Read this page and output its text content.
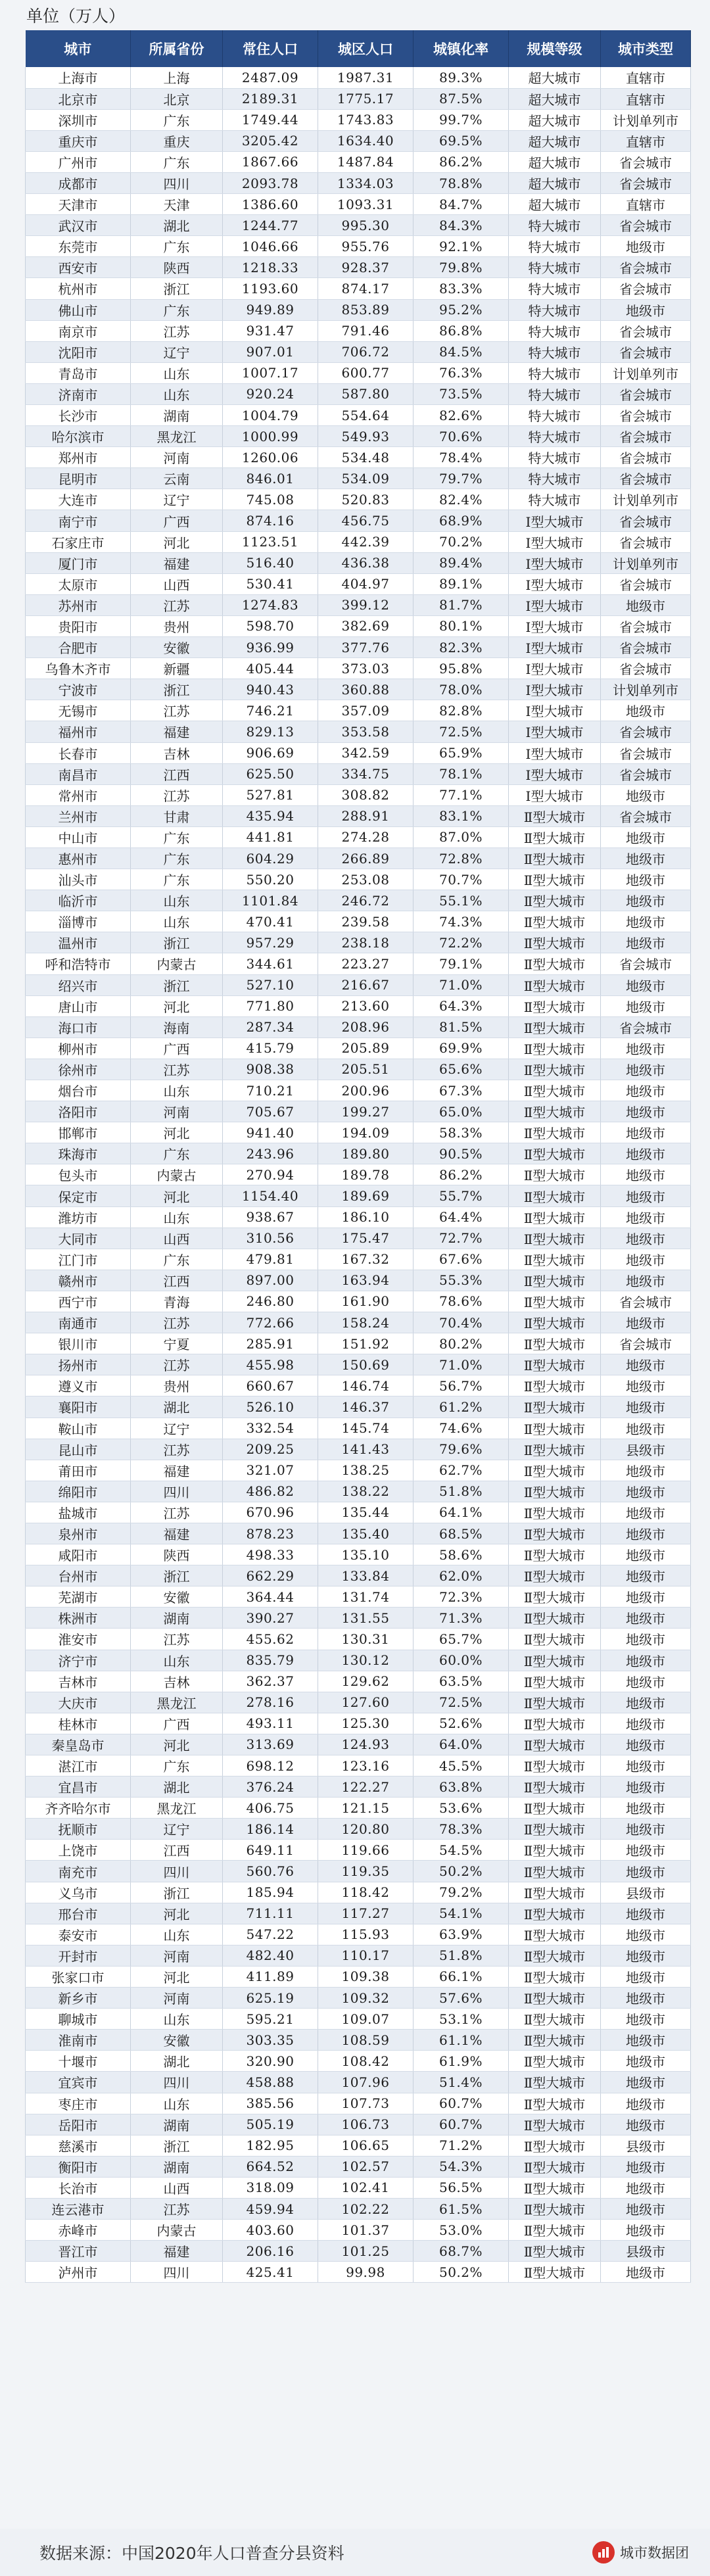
单位（万人）
城市	所属省份	常住人口	城区人口	城镇化率	规模等级	城市类型
上海市	上海	2487.09	1987.31	89.3%	超大城市	直辖市
北京市	北京	2189.31	1775.17	87.5%	超大城市	直辖市
深圳市	广东	1749.44	1743.83	99.7%	超大城市	计划单列市
重庆市	重庆	3205.42	1634.40	69.5%	超大城市	直辖市
广州市	广东	1867.66	1487.84	86.2%	超大城市	省会城市
成都市	四川	2093.78	1334.03	78.8%	超大城市	省会城市
天津市	天津	1386.60	1093.31	84.7%	超大城市	直辖市
武汉市	湖北	1244.77	995.30	84.3%	特大城市	省会城市
东莞市	广东	1046.66	955.76	92.1%	特大城市	地级市
西安市	陕西	1218.33	928.37	79.8%	特大城市	省会城市
杭州市	浙江	1193.60	874.17	83.3%	特大城市	省会城市
佛山市	广东	949.89	853.89	95.2%	特大城市	地级市
南京市	江苏	931.47	791.46	86.8%	特大城市	省会城市
沈阳市	辽宁	907.01	706.72	84.5%	特大城市	省会城市
青岛市	山东	1007.17	600.77	76.3%	特大城市	计划单列市
济南市	山东	920.24	587.80	73.5%	特大城市	省会城市
长沙市	湖南	1004.79	554.64	82.6%	特大城市	省会城市
哈尔滨市	黑龙江	1000.99	549.93	70.6%	特大城市	省会城市
郑州市	河南	1260.06	534.48	78.4%	特大城市	省会城市
昆明市	云南	846.01	534.09	79.7%	特大城市	省会城市
大连市	辽宁	745.08	520.83	82.4%	特大城市	计划单列市
南宁市	广西	874.16	456.75	68.9%	Ⅰ型大城市	省会城市
石家庄市	河北	1123.51	442.39	70.2%	Ⅰ型大城市	省会城市
厦门市	福建	516.40	436.38	89.4%	Ⅰ型大城市	计划单列市
太原市	山西	530.41	404.97	89.1%	Ⅰ型大城市	省会城市
苏州市	江苏	1274.83	399.12	81.7%	Ⅰ型大城市	地级市
贵阳市	贵州	598.70	382.69	80.1%	Ⅰ型大城市	省会城市
合肥市	安徽	936.99	377.76	82.3%	Ⅰ型大城市	省会城市
乌鲁木齐市	新疆	405.44	373.03	95.8%	Ⅰ型大城市	省会城市
宁波市	浙江	940.43	360.88	78.0%	Ⅰ型大城市	计划单列市
无锡市	江苏	746.21	357.09	82.8%	Ⅰ型大城市	地级市
福州市	福建	829.13	353.58	72.5%	Ⅰ型大城市	省会城市
长春市	吉林	906.69	342.59	65.9%	Ⅰ型大城市	省会城市
南昌市	江西	625.50	334.75	78.1%	Ⅰ型大城市	省会城市
常州市	江苏	527.81	308.82	77.1%	Ⅰ型大城市	地级市
兰州市	甘肃	435.94	288.91	83.1%	Ⅱ型大城市	省会城市
中山市	广东	441.81	274.28	87.0%	Ⅱ型大城市	地级市
惠州市	广东	604.29	266.89	72.8%	Ⅱ型大城市	地级市
汕头市	广东	550.20	253.08	70.7%	Ⅱ型大城市	地级市
临沂市	山东	1101.84	246.72	55.1%	Ⅱ型大城市	地级市
淄博市	山东	470.41	239.58	74.3%	Ⅱ型大城市	地级市
温州市	浙江	957.29	238.18	72.2%	Ⅱ型大城市	地级市
呼和浩特市	内蒙古	344.61	223.27	79.1%	Ⅱ型大城市	省会城市
绍兴市	浙江	527.10	216.67	71.0%	Ⅱ型大城市	地级市
唐山市	河北	771.80	213.60	64.3%	Ⅱ型大城市	地级市
海口市	海南	287.34	208.96	81.5%	Ⅱ型大城市	省会城市
柳州市	广西	415.79	205.89	69.9%	Ⅱ型大城市	地级市
徐州市	江苏	908.38	205.51	65.6%	Ⅱ型大城市	地级市
烟台市	山东	710.21	200.96	67.3%	Ⅱ型大城市	地级市
洛阳市	河南	705.67	199.27	65.0%	Ⅱ型大城市	地级市
邯郸市	河北	941.40	194.09	58.3%	Ⅱ型大城市	地级市
珠海市	广东	243.96	189.80	90.5%	Ⅱ型大城市	地级市
包头市	内蒙古	270.94	189.78	86.2%	Ⅱ型大城市	地级市
保定市	河北	1154.40	189.69	55.7%	Ⅱ型大城市	地级市
潍坊市	山东	938.67	186.10	64.4%	Ⅱ型大城市	地级市
大同市	山西	310.56	175.47	72.7%	Ⅱ型大城市	地级市
江门市	广东	479.81	167.32	67.6%	Ⅱ型大城市	地级市
赣州市	江西	897.00	163.94	55.3%	Ⅱ型大城市	地级市
西宁市	青海	246.80	161.90	78.6%	Ⅱ型大城市	省会城市
南通市	江苏	772.66	158.24	70.4%	Ⅱ型大城市	地级市
银川市	宁夏	285.91	151.92	80.2%	Ⅱ型大城市	省会城市
扬州市	江苏	455.98	150.69	71.0%	Ⅱ型大城市	地级市
遵义市	贵州	660.67	146.74	56.7%	Ⅱ型大城市	地级市
襄阳市	湖北	526.10	146.37	61.2%	Ⅱ型大城市	地级市
鞍山市	辽宁	332.54	145.74	74.6%	Ⅱ型大城市	地级市
昆山市	江苏	209.25	141.43	79.6%	Ⅱ型大城市	县级市
莆田市	福建	321.07	138.25	62.7%	Ⅱ型大城市	地级市
绵阳市	四川	486.82	138.22	51.8%	Ⅱ型大城市	地级市
盐城市	江苏	670.96	135.44	64.1%	Ⅱ型大城市	地级市
泉州市	福建	878.23	135.40	68.5%	Ⅱ型大城市	地级市
咸阳市	陕西	498.33	135.10	58.6%	Ⅱ型大城市	地级市
台州市	浙江	662.29	133.84	62.0%	Ⅱ型大城市	地级市
芜湖市	安徽	364.44	131.74	72.3%	Ⅱ型大城市	地级市
株洲市	湖南	390.27	131.55	71.3%	Ⅱ型大城市	地级市
淮安市	江苏	455.62	130.31	65.7%	Ⅱ型大城市	地级市
济宁市	山东	835.79	130.12	60.0%	Ⅱ型大城市	地级市
吉林市	吉林	362.37	129.62	63.5%	Ⅱ型大城市	地级市
大庆市	黑龙江	278.16	127.60	72.5%	Ⅱ型大城市	地级市
桂林市	广西	493.11	125.30	52.6%	Ⅱ型大城市	地级市
秦皇岛市	河北	313.69	124.93	64.0%	Ⅱ型大城市	地级市
湛江市	广东	698.12	123.16	45.5%	Ⅱ型大城市	地级市
宜昌市	湖北	376.24	122.27	63.8%	Ⅱ型大城市	地级市
齐齐哈尔市	黑龙江	406.75	121.15	53.6%	Ⅱ型大城市	地级市
抚顺市	辽宁	186.14	120.80	78.3%	Ⅱ型大城市	地级市
上饶市	江西	649.11	119.66	54.5%	Ⅱ型大城市	地级市
南充市	四川	560.76	119.35	50.2%	Ⅱ型大城市	地级市
义乌市	浙江	185.94	118.42	79.2%	Ⅱ型大城市	县级市
邢台市	河北	711.11	117.27	54.1%	Ⅱ型大城市	地级市
泰安市	山东	547.22	115.93	63.9%	Ⅱ型大城市	地级市
开封市	河南	482.40	110.17	51.8%	Ⅱ型大城市	地级市
张家口市	河北	411.89	109.38	66.1%	Ⅱ型大城市	地级市
新乡市	河南	625.19	109.32	57.6%	Ⅱ型大城市	地级市
聊城市	山东	595.21	109.07	53.1%	Ⅱ型大城市	地级市
淮南市	安徽	303.35	108.59	61.1%	Ⅱ型大城市	地级市
十堰市	湖北	320.90	108.42	61.9%	Ⅱ型大城市	地级市
宜宾市	四川	458.88	107.96	51.4%	Ⅱ型大城市	地级市
枣庄市	山东	385.56	107.73	60.7%	Ⅱ型大城市	地级市
岳阳市	湖南	505.19	106.73	60.7%	Ⅱ型大城市	地级市
慈溪市	浙江	182.95	106.65	71.2%	Ⅱ型大城市	县级市
衡阳市	湖南	664.52	102.57	54.3%	Ⅱ型大城市	地级市
长治市	山西	318.09	102.41	56.5%	Ⅱ型大城市	地级市
连云港市	江苏	459.94	102.22	61.5%	Ⅱ型大城市	地级市
赤峰市	内蒙古	403.60	101.37	53.0%	Ⅱ型大城市	地级市
晋江市	福建	206.16	101.25	68.7%	Ⅱ型大城市	县级市
泸州市	四川	425.41	99.98	50.2%	Ⅱ型大城市	地级市
数据来源：中国2020年人口普查分县资料	城市数据团
